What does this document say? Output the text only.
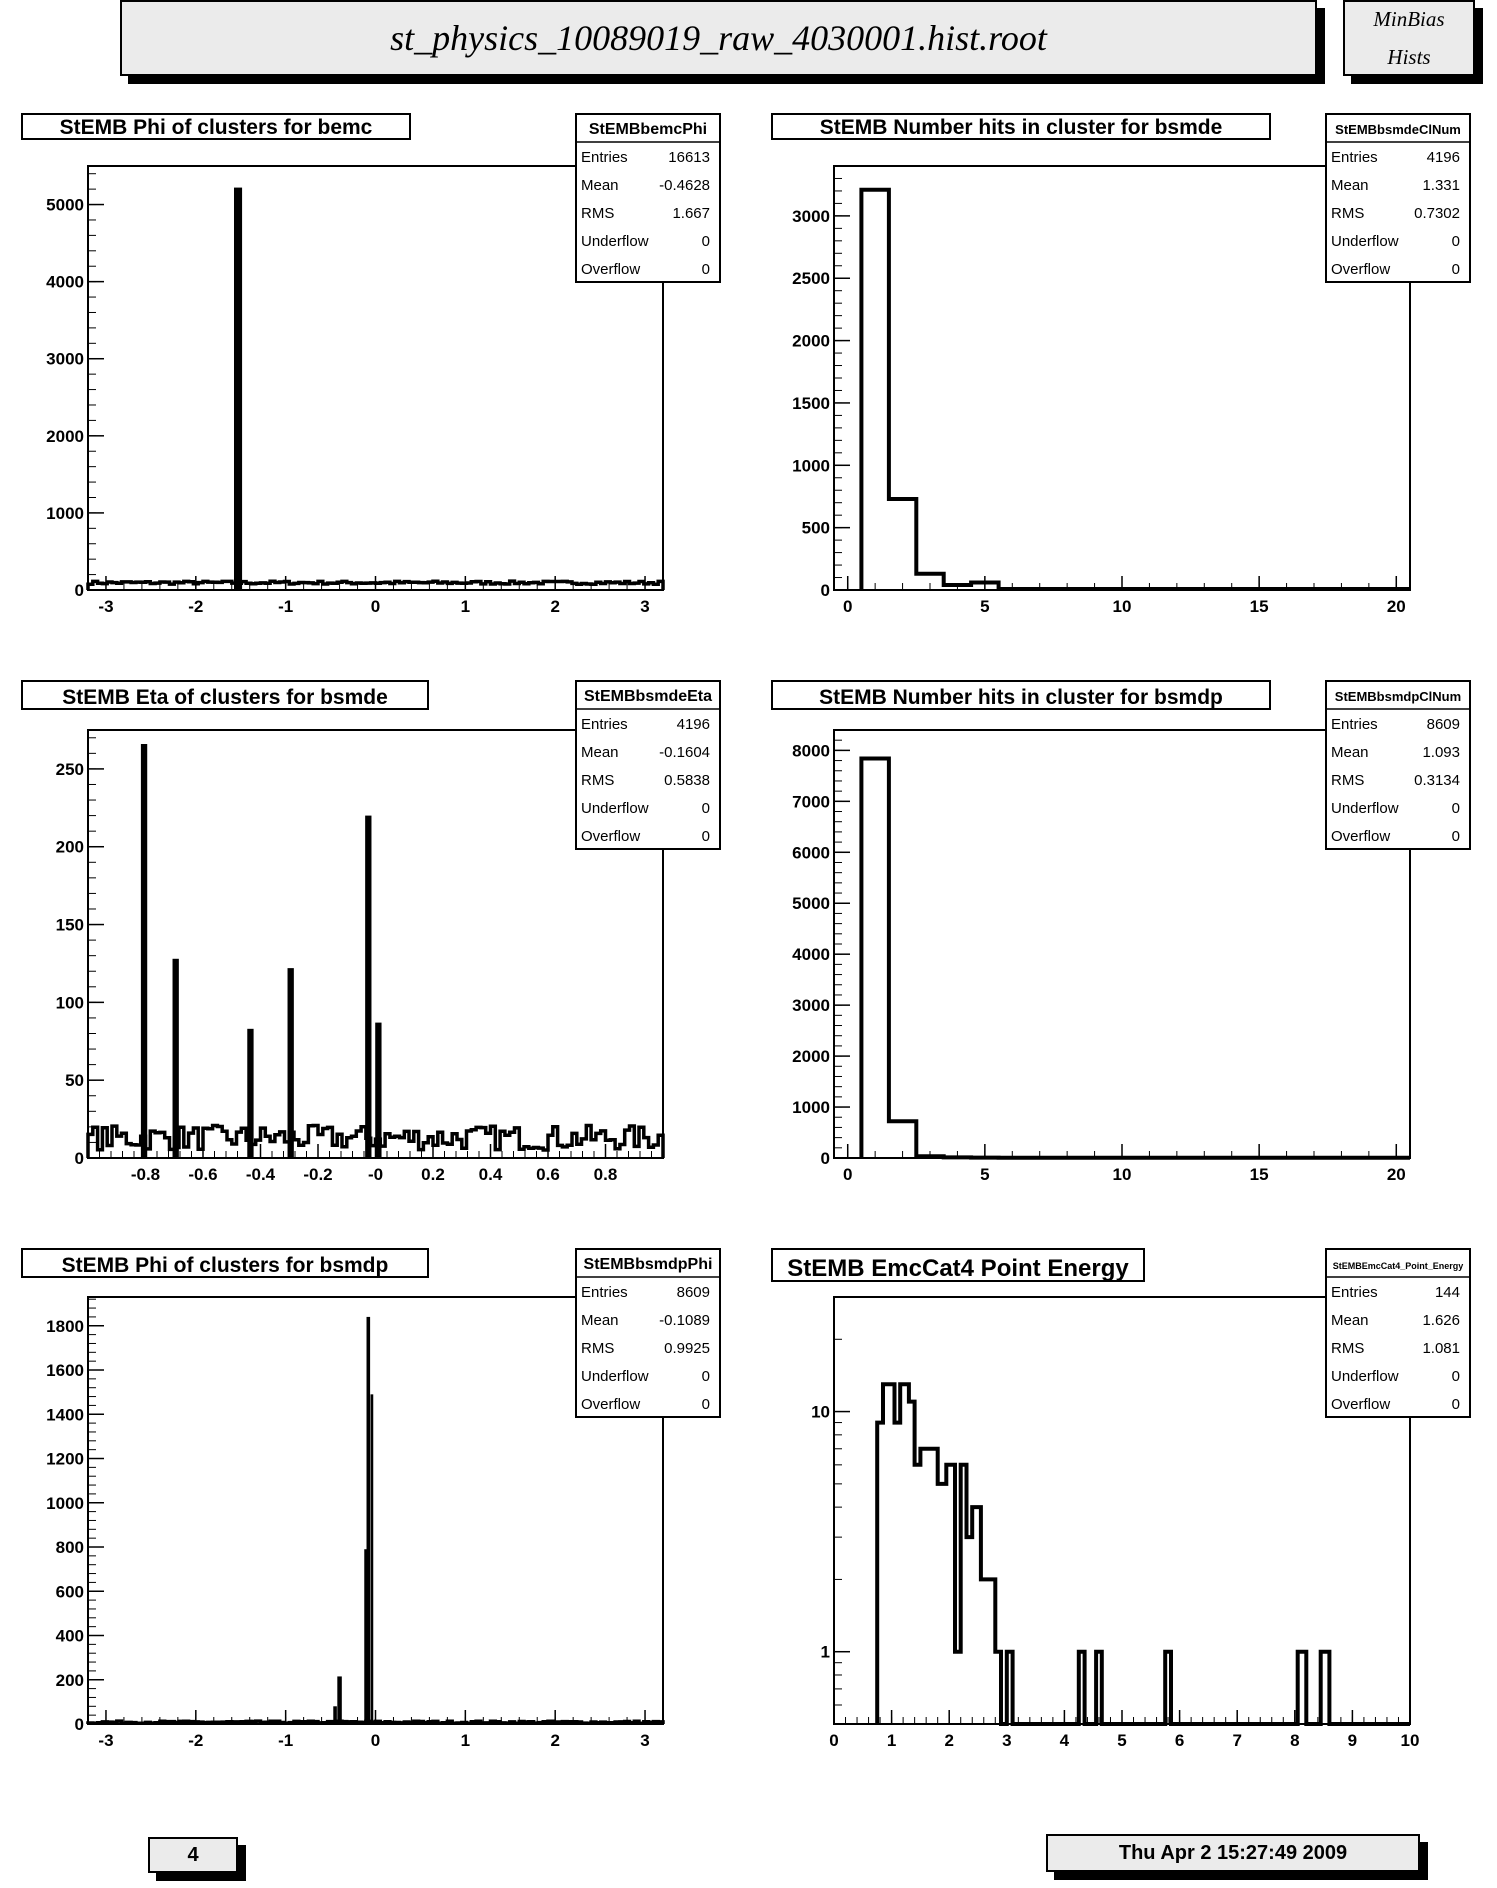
st_physics_10089019_raw_4030001.hist.root	MinBias
Hists
-3	-2	-1	0	1	2	3
0
1000
2000
3000
4000
5000
StEMB Phi of clusters for bemc	StEMBbemcPhi
Entries	16613
Mean	-0.4628
RMS	1.667
Underflow	0
Overflow	0
0	5	10	15	20
0
500
1000
1500
2000
2500
3000
StEMB Number hits in cluster for bsmde	StEMBbsmdeClNum
Entries	4196
Mean	1.331
RMS	0.7302
Underflow	0
Overflow	0
-0.8 -0.6 -0.4 -0.2 -0 0.2 0.4 0.6 0.8
0
50
100
150
200
250
StEMB Eta of clusters for bsmde	StEMBbsmdeEta
Entries	4196
Mean	-0.1604
RMS	0.5838
Underflow	0
Overflow	0
0	5	10	15	20
0
1000
2000
3000
4000
5000
6000
7000
8000
StEMB Number hits in cluster for bsmdp	StEMBbsmdpClNum
Entries	8609
Mean	1.093
RMS	0.3134
Underflow	0
Overflow	0
-3	-2	-1	0	1	2	3
0
200
400
600
800
1000
1200
1400
1600
1800
StEMB Phi of clusters for bsmdp	StEMBbsmdpPhi
Entries	8609
Mean	-0.1089
RMS	0.9925
Underflow	0
Overflow	0
0	1	2	3	4	5	6	7	8	9	10
1
10
StEMB EmcCat4 Point Energy	StEMBEmcCat4_Point_Energy
Entries	144
Mean	1.626
RMS	1.081
Underflow	0
Overflow	0
4	Thu Apr 2 15:27:49 2009
